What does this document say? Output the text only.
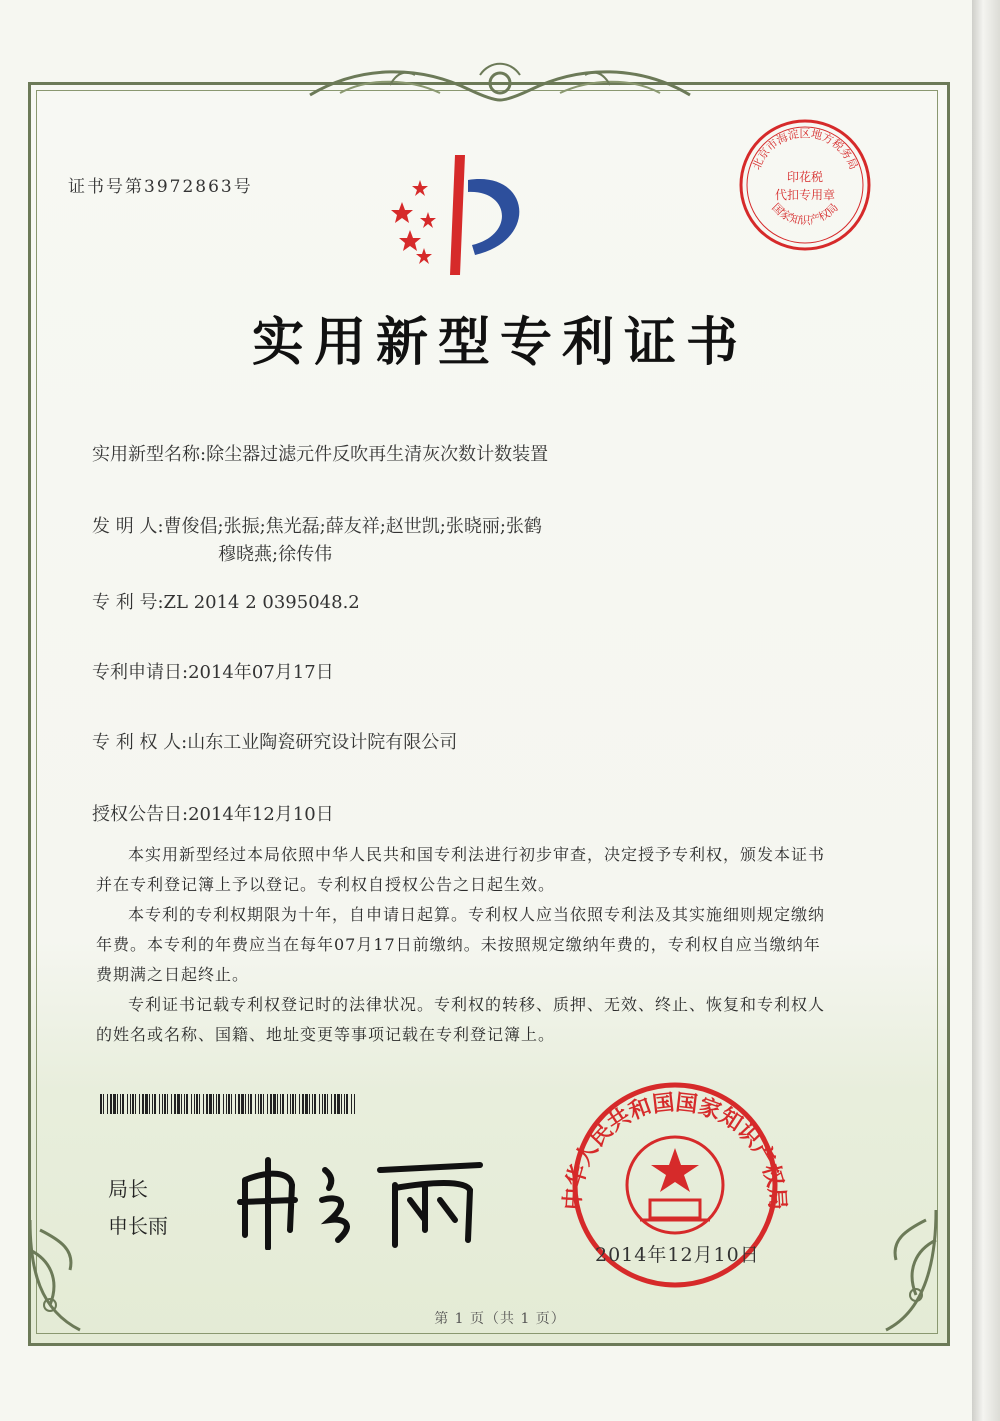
证书号第3972863号
北京市海淀区地方税务局
印花税
代扣专用章
国家知识产权局
实用新型专利证书
实用新型名称:除尘器过滤元件反吹再生清灰次数计数装置
发 明 人:曹俊倡;张振;焦光磊;薛友祥;赵世凯;张晓丽;张鹤
穆晓燕;徐传伟
专 利 号:ZL 2014 2 0395048.2
专利申请日:2014年07月17日
专 利 权 人:山东工业陶瓷研究设计院有限公司
授权公告日:2014年12月10日

本实用新型经过本局依照中华人民共和国专利法进行初步审查，决定授予专利权，颁发本证书并在专利登记簿上予以登记。专利权自授权公告之日起生效。

本专利的专利权期限为十年，自申请日起算。专利权人应当依照专利法及其实施细则规定缴纳年费。本专利的年费应当在每年07月17日前缴纳。未按照规定缴纳年费的，专利权自应当缴纳年费期满之日起终止。

专利证书记载专利权登记时的法律状况。专利权的转移、质押、无效、终止、恢复和专利权人的姓名或名称、国籍、地址变更等事项记载在专利登记簿上。

局长
申长雨
中华人民共和国国家知识产权局
2014年12月10日
第 1 页（共 1 页）
